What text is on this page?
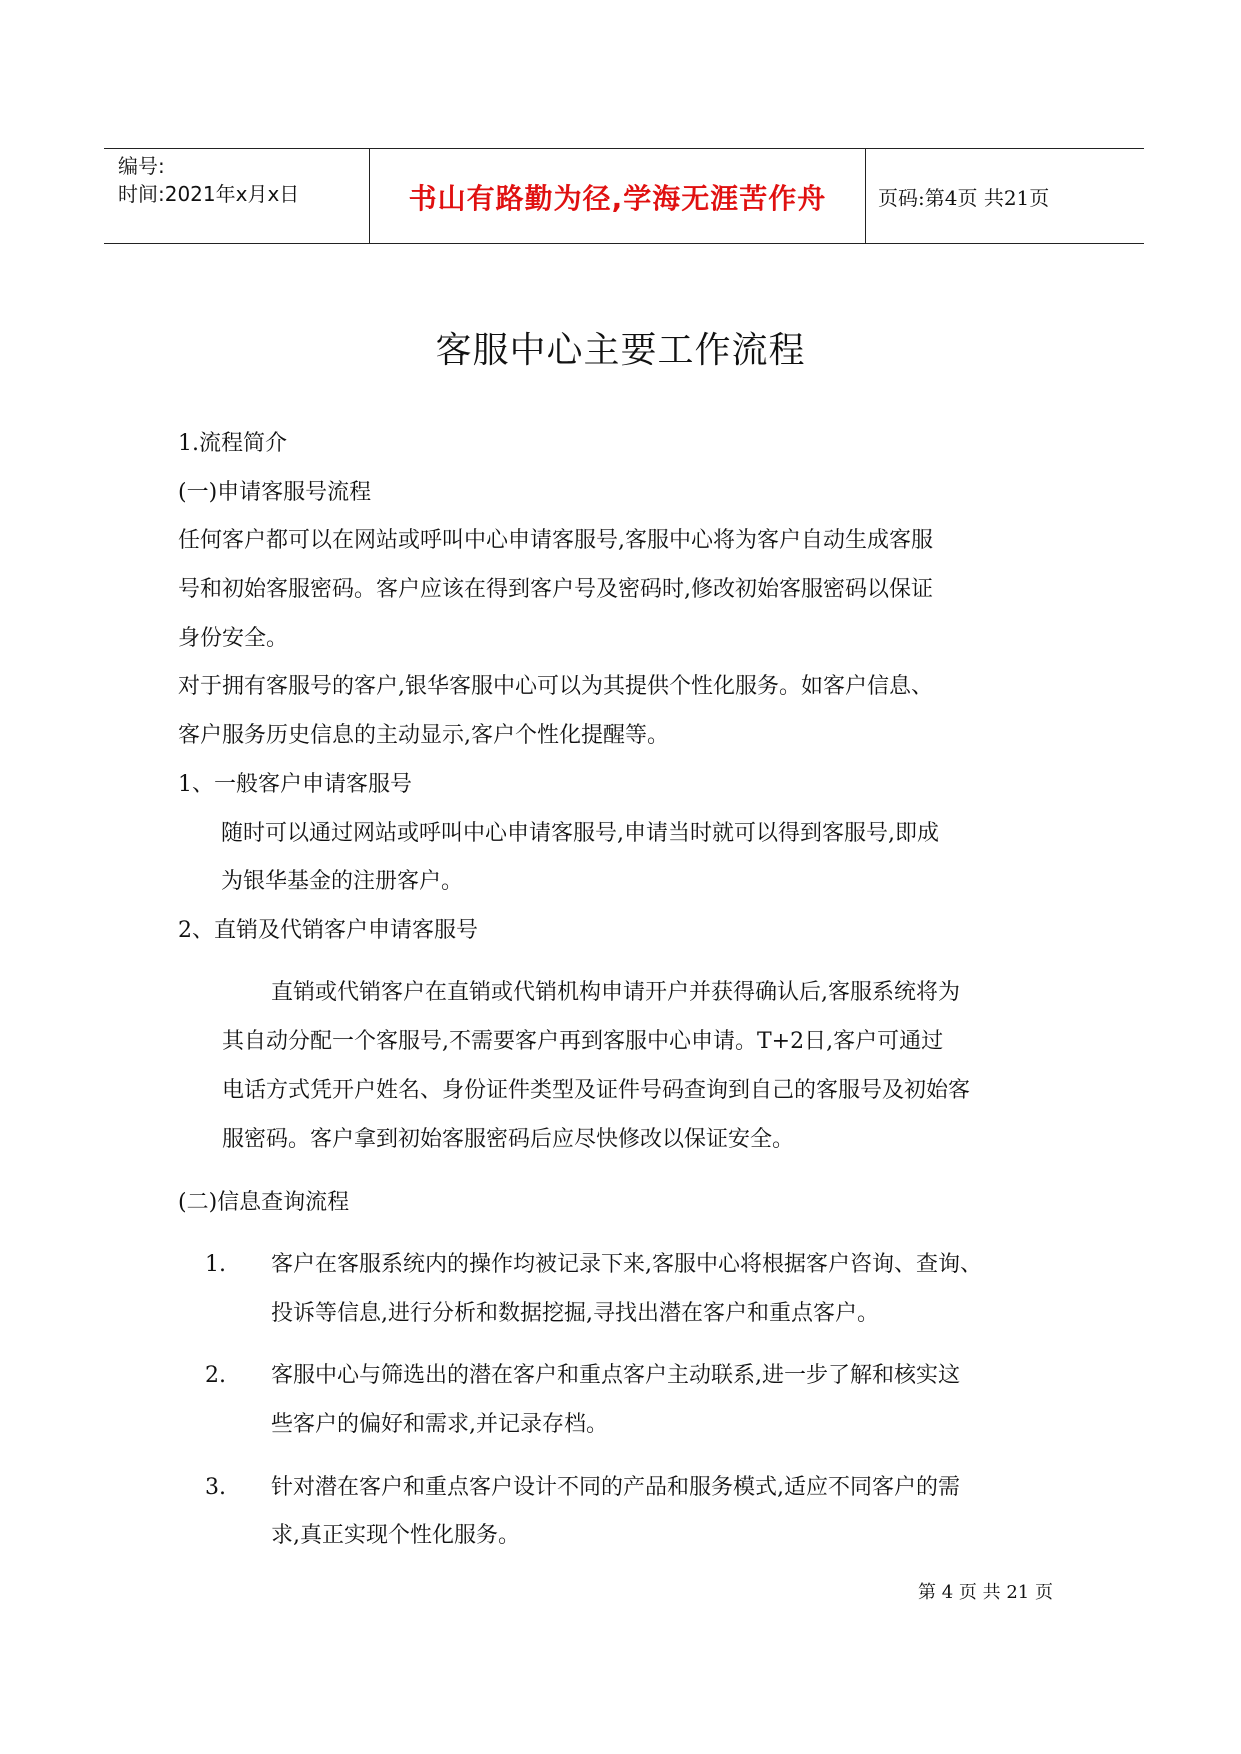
编号:
时间:2021年x月x日	书山有路勤为径,学海无涯苦作舟	页码:第4页 共21页
客服中心主要工作流程
1.流程简介
(一)申请客服号流程
任何客户都可以在网站或呼叫中心申请客服号,客服中心将为客户自动生成客服
号和初始客服密码。客户应该在得到客户号及密码时,修改初始客服密码以保证
身份安全。
对于拥有客服号的客户,银华客服中心可以为其提供个性化服务。如客户信息、
客户服务历史信息的主动显示,客户个性化提醒等。
1、一般客户申请客服号
随时可以通过网站或呼叫中心申请客服号,申请当时就可以得到客服号,即成
为银华基金的注册客户。
2、直销及代销客户申请客服号
直销或代销客户在直销或代销机构申请开户并获得确认后,客服系统将为
其自动分配一个客服号,不需要客户再到客服中心申请。T+2日,客户可通过
电话方式凭开户姓名、身份证件类型及证件号码查询到自己的客服号及初始客
服密码。客户拿到初始客服密码后应尽快修改以保证安全。
(二)信息查询流程
1. 客户在客服系统内的操作均被记录下来,客服中心将根据客户咨询、查询、
投诉等信息,进行分析和数据挖掘,寻找出潜在客户和重点客户。
2. 客服中心与筛选出的潜在客户和重点客户主动联系,进一步了解和核实这
些客户的偏好和需求,并记录存档。
3. 针对潜在客户和重点客户设计不同的产品和服务模式,适应不同客户的需
求,真正实现个性化服务。
第 4 页 共 21 页
